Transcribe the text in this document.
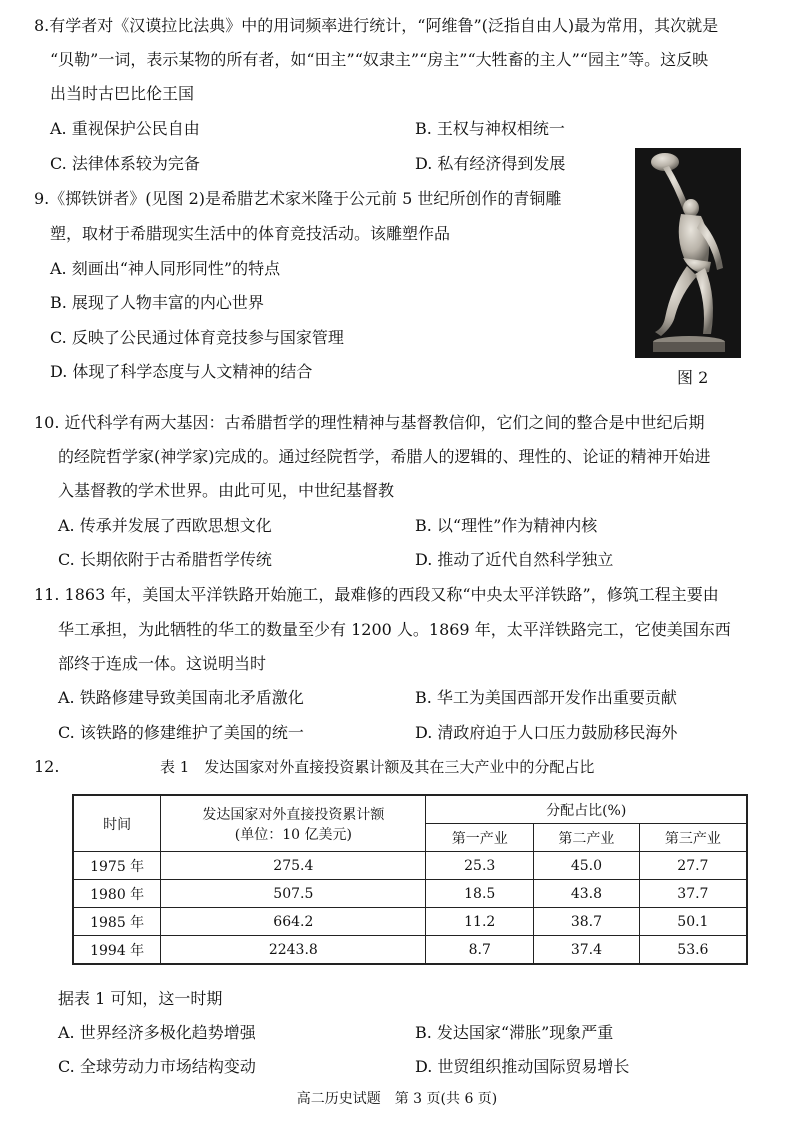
8.有学者对《汉谟拉比法典》中的用词频率进行统计，“阿维鲁”(泛指自由人)最为常用，其次就是
“贝勒”一词，表示某物的所有者，如“田主”“奴隶主”“房主”“大牲畜的主人”“园主”等。这反映
出当时古巴比伦王国
A. 重视保护公民自由	B. 王权与神权相统一
C. 法律体系较为完备	D. 私有经济得到发展
9.《掷铁饼者》(见图 2)是希腊艺术家米隆于公元前 5 世纪所创作的青铜雕
塑，取材于希腊现实生活中的体育竞技活动。该雕塑作品
A. 刻画出“神人同形同性”的特点
B. 展现了人物丰富的内心世界
C. 反映了公民通过体育竞技参与国家管理
D. 体现了科学态度与人文精神的结合	图 2
10. 近代科学有两大基因：古希腊哲学的理性精神与基督教信仰，它们之间的整合是中世纪后期
的经院哲学家(神学家)完成的。通过经院哲学，希腊人的逻辑的、理性的、论证的精神开始进
入基督教的学术世界。由此可见，中世纪基督教
A. 传承并发展了西欧思想文化	B. 以“理性”作为精神内核
C. 长期依附于古希腊哲学传统	D. 推动了近代自然科学独立
11. 1863 年，美国太平洋铁路开始施工，最难修的西段又称“中央太平洋铁路”，修筑工程主要由
华工承担，为此牺牲的华工的数量至少有 1200 人。1869 年，太平洋铁路完工，它使美国东西
部终于连成一体。这说明当时
A. 铁路修建导致美国南北矛盾激化	B. 华工为美国西部开发作出重要贡献
C. 该铁路的修建维护了美国的统一	D. 清政府迫于人口压力鼓励移民海外
12.	表 1　发达国家对外直接投资累计额及其在三大产业中的分配占比
时间	发达国家对外直接投资累计额
(单位：10 亿美元)	分配占比(%)		
		第一产业	第二产业	第三产业
1975 年	275.4	25.3	45.0	27.7
1980 年	507.5	18.5	43.8	37.7
1985 年	664.2	11.2	38.7	50.1
1994 年	2243.8	8.7	37.4	53.6
据表 1 可知，这一时期
A. 世界经济多极化趋势增强	B. 发达国家“滞胀”现象严重
C. 全球劳动力市场结构变动	D. 世贸组织推动国际贸易增长
高二历史试题　第 3 页(共 6 页)
